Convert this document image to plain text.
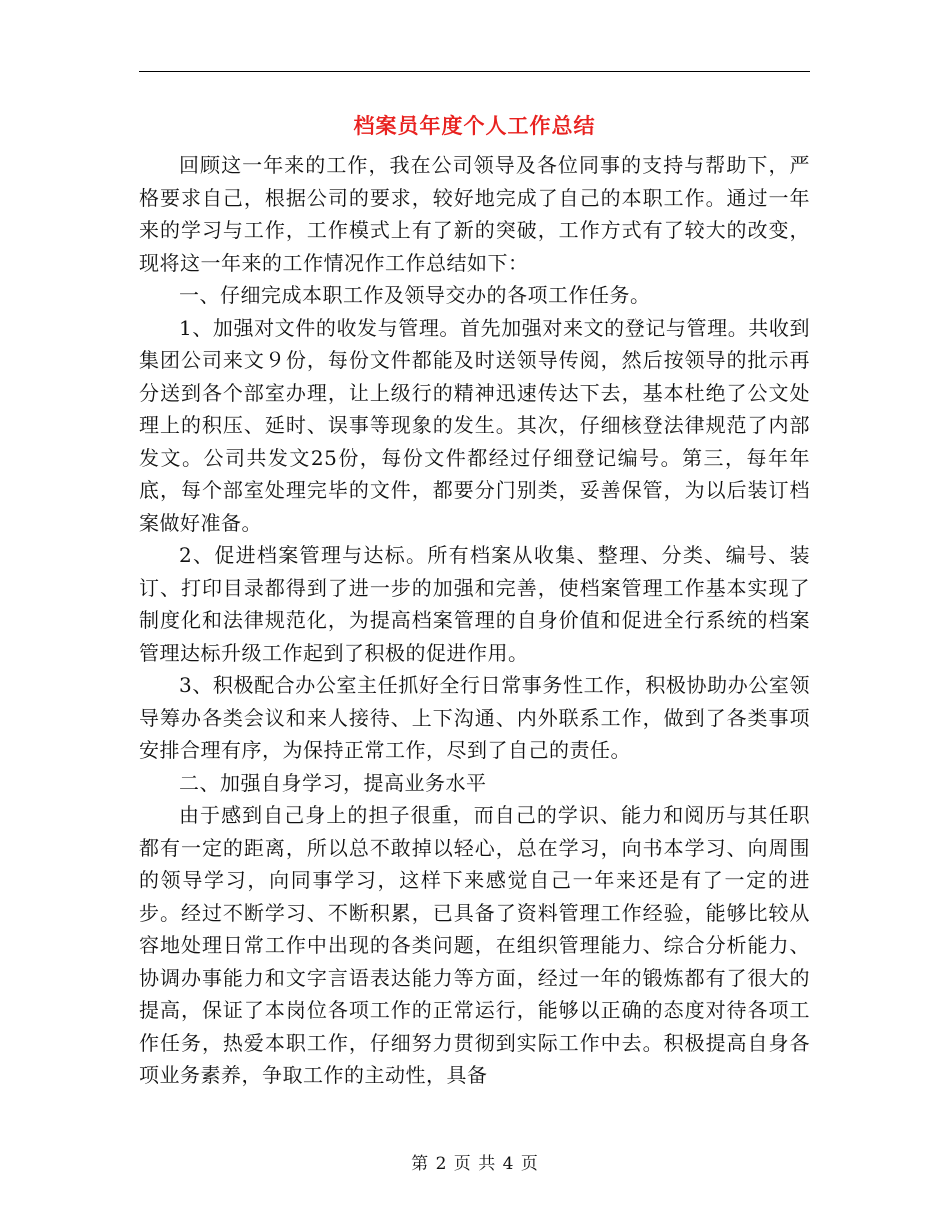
档案员年度个人工作总结

回顾这一年来的工作，我在公司领导及各位同事的支持与帮助下，严格要求自己，根据公司的要求，较好地完成了自己的本职工作。通过一年来的学习与工作，工作模式上有了新的突破，工作方式有了较大的改变，现将这一年来的工作情况作工作总结如下：

一、仔细完成本职工作及领导交办的各项工作任务。

1、加强对文件的收发与管理。首先加强对来文的登记与管理。共收到集团公司来文９份，每份文件都能及时送领导传阅，然后按领导的批示再分送到各个部室办理，让上级行的精神迅速传达下去，基本杜绝了公文处理上的积压、延时、误事等现象的发生。其次，仔细核登法律规范了内部发文。公司共发文25份，每份文件都经过仔细登记编号。第三，每年年底，每个部室处理完毕的文件，都要分门别类，妥善保管，为以后装订档案做好准备。

2、促进档案管理与达标。所有档案从收集、整理、分类、编号、装订、打印目录都得到了进一步的加强和完善，使档案管理工作基本实现了制度化和法律规范化，为提高档案管理的自身价值和促进全行系统的档案管理达标升级工作起到了积极的促进作用。

3、积极配合办公室主任抓好全行日常事务性工作，积极协助办公室领导筹办各类会议和来人接待、上下沟通、内外联系工作，做到了各类事项安排合理有序，为保持正常工作，尽到了自己的责任。

二、加强自身学习，提高业务水平

由于感到自己身上的担子很重，而自己的学识、能力和阅历与其任职都有一定的距离，所以总不敢掉以轻心，总在学习，向书本学习、向周围的领导学习，向同事学习，这样下来感觉自己一年来还是有了一定的进步。经过不断学习、不断积累，已具备了资料管理工作经验，能够比较从容地处理日常工作中出现的各类问题，在组织管理能力、综合分析能力、协调办事能力和文字言语表达能力等方面，经过一年的锻炼都有了很大的提高，保证了本岗位各项工作的正常运行，能够以正确的态度对待各项工作任务，热爱本职工作，仔细努力贯彻到实际工作中去。积极提高自身各项业务素养，争取工作的主动性，具备

第 2 页 共 4 页
